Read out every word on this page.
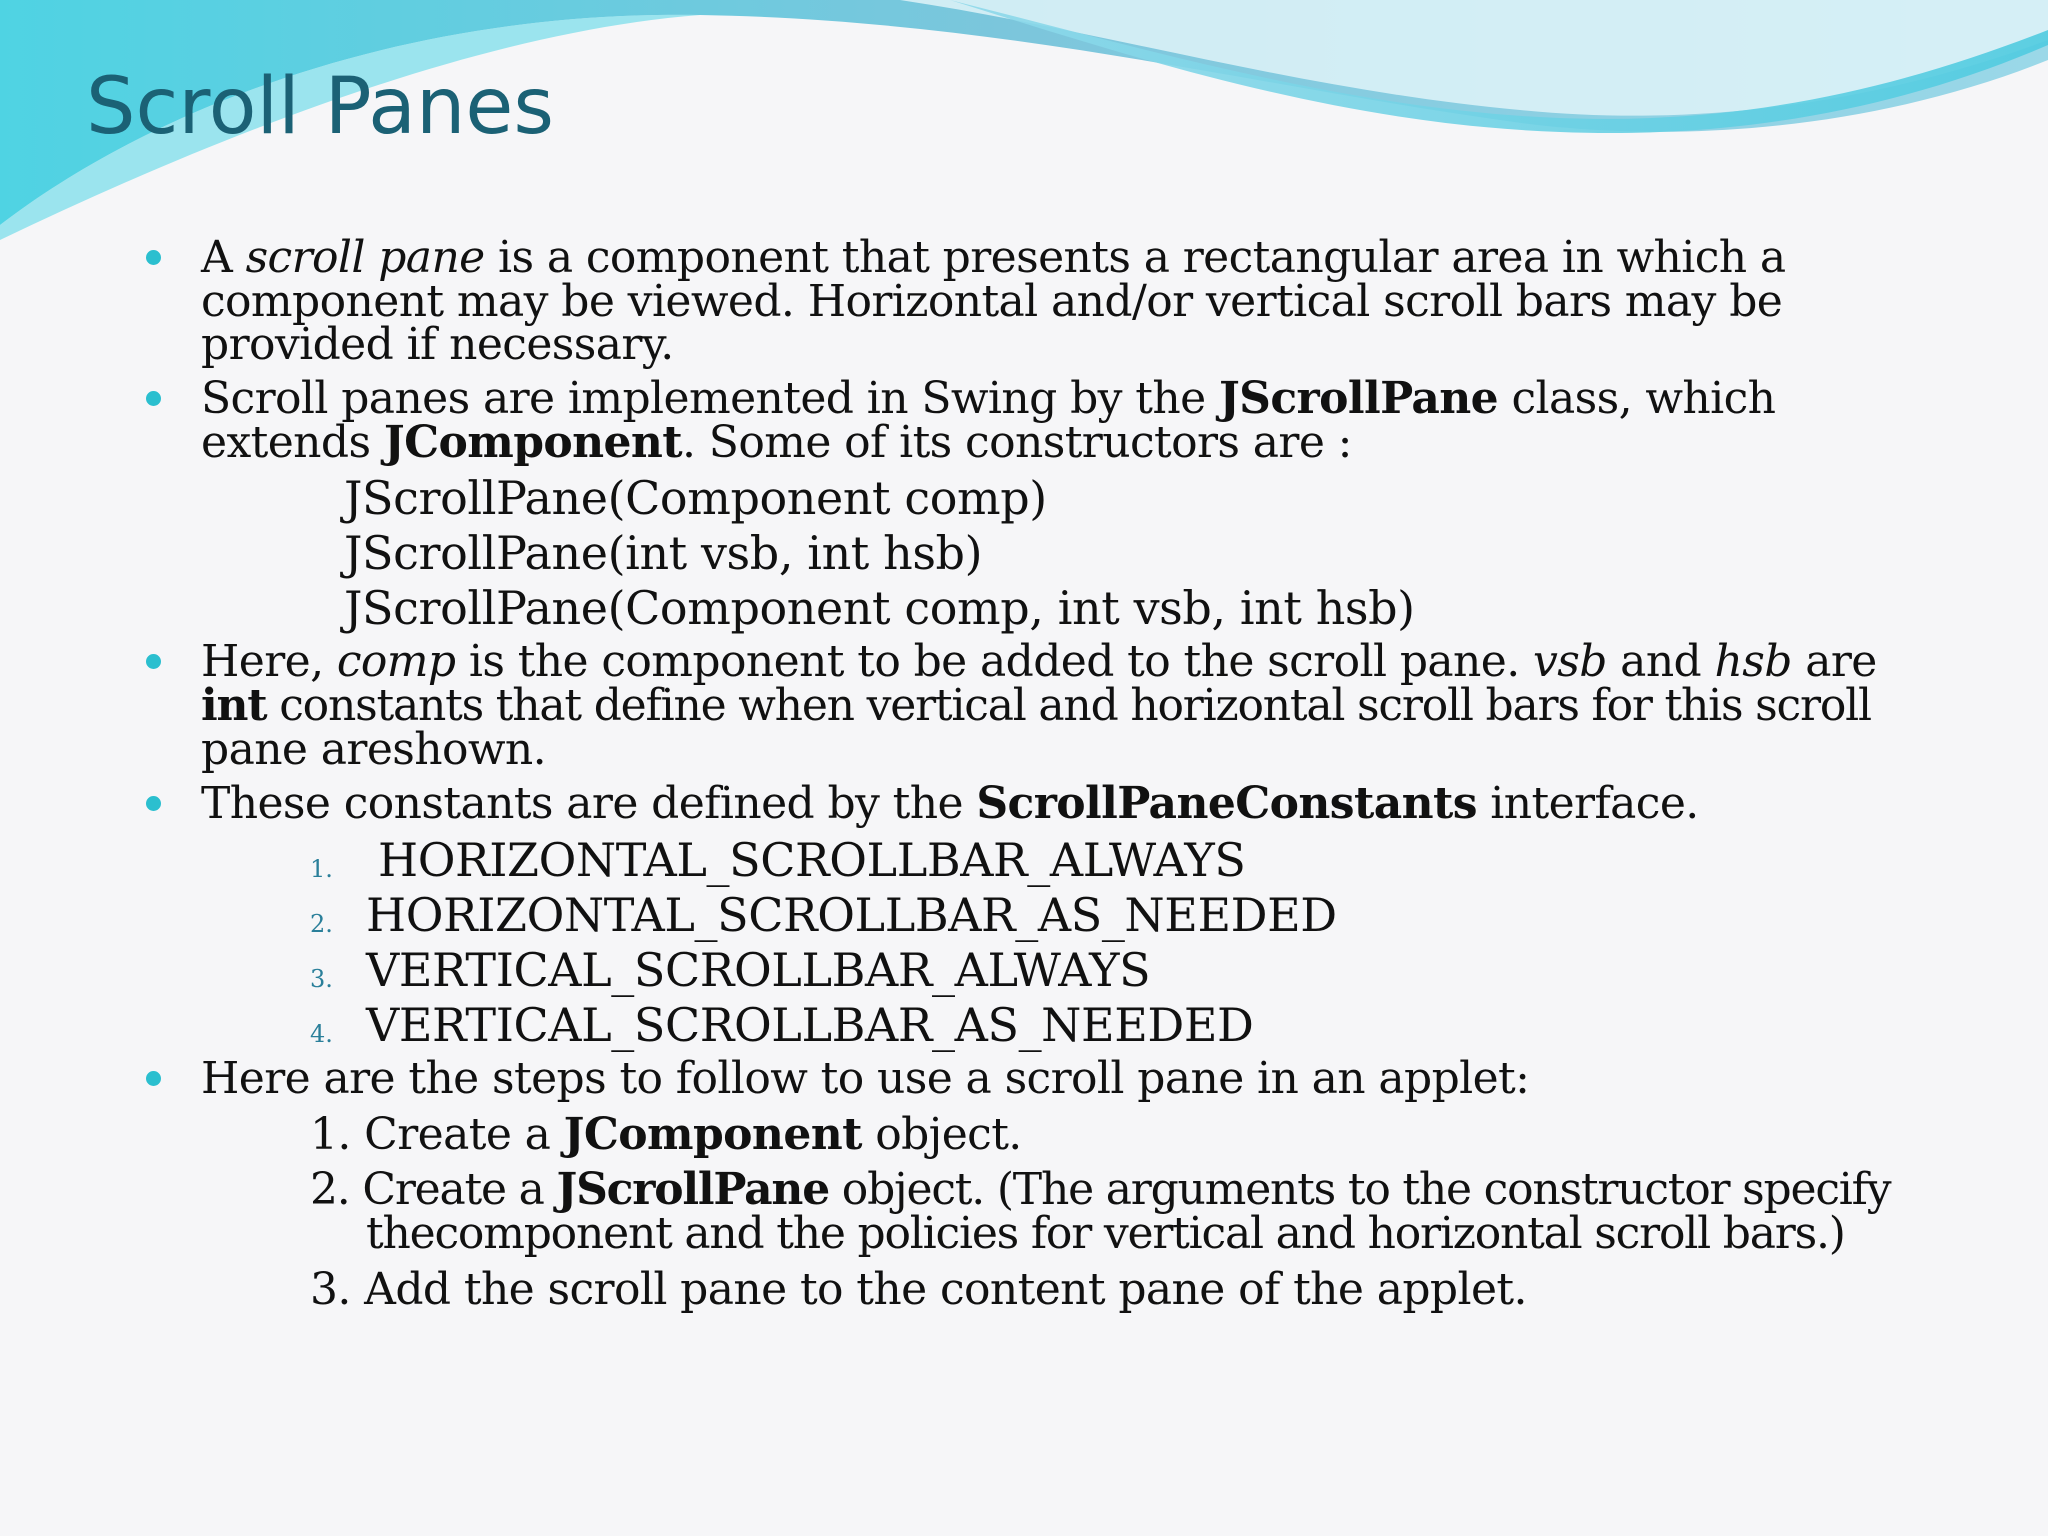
Scroll Panes
A scroll pane is a component that presents a rectangular area in which a
component may be viewed. Horizontal and/or vertical scroll bars may be
provided if necessary.
Scroll panes are implemented in Swing by the JScrollPane class, which
extends JComponent. Some of its constructors are :
JScrollPane(Component comp)
JScrollPane(int vsb, int hsb)
JScrollPane(Component comp, int vsb, int hsb)
Here, comp is the component to be added to the scroll pane. vsb and hsb are
int constants that define when vertical and horizontal scroll bars for this scroll
pane areshown.
These constants are defined by the ScrollPaneConstants interface.
1. HORIZONTAL_SCROLLBAR_ALWAYS
2. HORIZONTAL_SCROLLBAR_AS_NEEDED
3. VERTICAL_SCROLLBAR_ALWAYS
4. VERTICAL_SCROLLBAR_AS_NEEDED
Here are the steps to follow to use a scroll pane in an applet:
1. Create a JComponent object.
2. Create a JScrollPane object. (The arguments to the constructor specify
thecomponent and the policies for vertical and horizontal scroll bars.)
3. Add the scroll pane to the content pane of the applet.
